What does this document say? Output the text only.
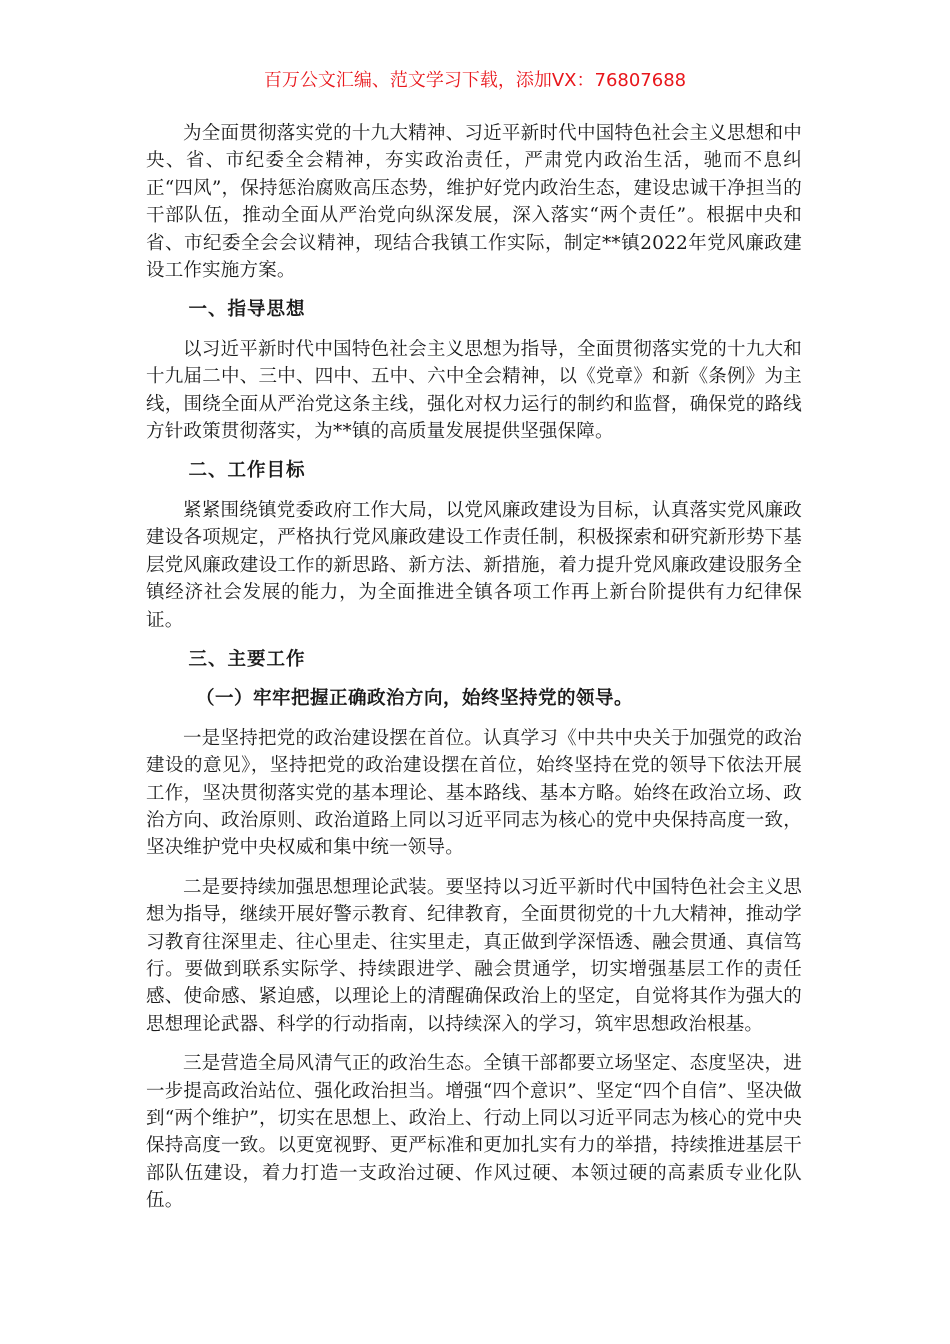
百万公文汇编、范文学习下载，添加VX：76807688

为全面贯彻落实党的十九大精神、习近平新时代中国特色社会主义思想和中央、省、市纪委全会精神，夯实政治责任，严肃党内政治生活，驰而不息纠正“四风”，保持惩治腐败高压态势，维护好党内政治生态，建设忠诚干净担当的干部队伍，推动全面从严治党向纵深发展，深入落实“两个责任”。根据中央和省、市纪委全会会议精神，现结合我镇工作实际，制定**镇2022年党风廉政建设工作实施方案。

一、指导思想

以习近平新时代中国特色社会主义思想为指导，全面贯彻落实党的十九大和十九届二中、三中、四中、五中、六中全会精神，以《党章》和新《条例》为主线，围绕全面从严治党这条主线，强化对权力运行的制约和监督，确保党的路线方针政策贯彻落实，为**镇的高质量发展提供坚强保障。

二、工作目标

紧紧围绕镇党委政府工作大局，以党风廉政建设为目标，认真落实党风廉政建设各项规定，严格执行党风廉政建设工作责任制，积极探索和研究新形势下基层党风廉政建设工作的新思路、新方法、新措施，着力提升党风廉政建设服务全镇经济社会发展的能力，为全面推进全镇各项工作再上新台阶提供有力纪律保证。

三、主要工作

（一）牢牢把握正确政治方向，始终坚持党的领导。

一是坚持把党的政治建设摆在首位。认真学习《中共中央关于加强党的政治建设的意见》，坚持把党的政治建设摆在首位，始终坚持在党的领导下依法开展工作，坚决贯彻落实党的基本理论、基本路线、基本方略。始终在政治立场、政治方向、政治原则、政治道路上同以习近平同志为核心的党中央保持高度一致，坚决维护党中央权威和集中统一领导。

二是要持续加强思想理论武装。要坚持以习近平新时代中国特色社会主义思想为指导，继续开展好警示教育、纪律教育，全面贯彻党的十九大精神，推动学习教育往深里走、往心里走、往实里走，真正做到学深悟透、融会贯通、真信笃行。要做到联系实际学、持续跟进学、融会贯通学，切实增强基层工作的责任感、使命感、紧迫感，以理论上的清醒确保政治上的坚定，自觉将其作为强大的思想理论武器、科学的行动指南，以持续深入的学习，筑牢思想政治根基。

三是营造全局风清气正的政治生态。全镇干部都要立场坚定、态度坚决，进一步提高政治站位、强化政治担当。增强“四个意识”、坚定“四个自信”、坚决做到“两个维护”，切实在思想上、政治上、行动上同以习近平同志为核心的党中央保持高度一致。以更宽视野、更严标准和更加扎实有力的举措，持续推进基层干部队伍建设，着力打造一支政治过硬、作风过硬、本领过硬的高素质专业化队伍。
